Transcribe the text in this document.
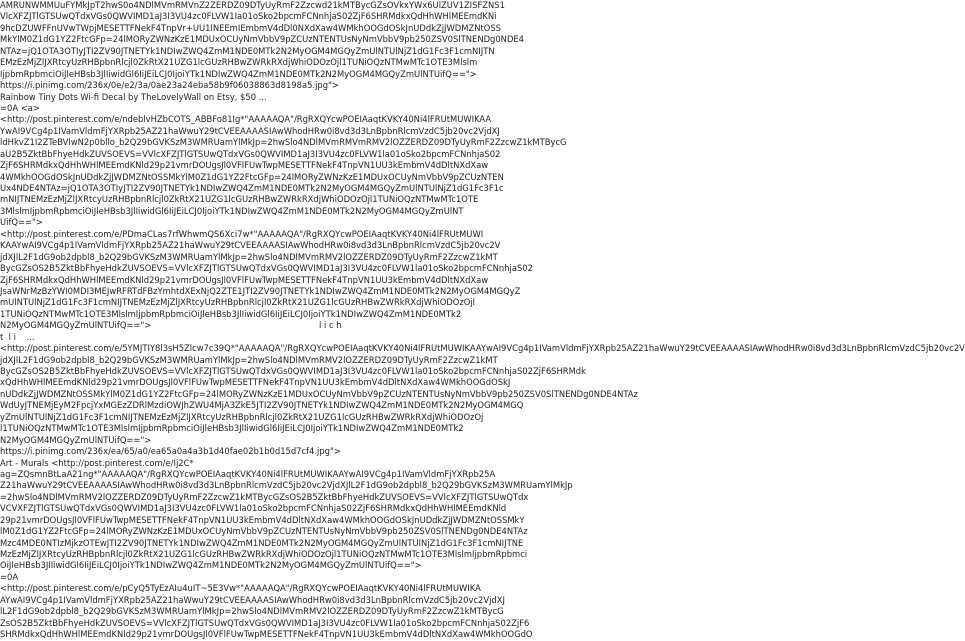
AMRUNWMMUuFYMkJpT2hwS0o4NDlMVmRMVnZ2ZERDZ09DTyUyRmF2Zzcwd21kMTBycGZsOVkxYWx6UlZUV1ZISFZNS1
VlcXFZJTlGTSUwQTdxVGs0QWVIMD1aJ3I3VU4zc0FLVW1Ia01oSko2bpcmFCNnhjaS02ZjF6SHRMdkxQdHhWHlMEEmdKNi
9hcDZUWFFnUVwTWpjMESETTFNekF4TnpVr+UU1lNEEmIEmbmV4dDl0NXdXaw4WMkhOOGdOSkJnUDdkZjJWDMZNtOSS
MkYlM0Z1dG1YZ2FtcGFp=24lMORyZWNzKzE1MDUxOCUyNmVbbV9pZCUzNTENTUsNyNmVbbV9pb250ZSV0SlTNENDg0NDE4
NTAz=jQ1OTA3OTIyJTI2ZV90JTNETYk1NDIwZWQ4ZmM1NDE0MTk2N2MyOGM4MGQyZmUlNTUlNjZ1dG1Fc3F1cmNIJTN
EMzEzMjZlJXRtcyUzRHBpbnRlcjl0ZkRtX21UZG1lcGUzRHBwZWRkRXdjWhiODOzOjl1TUNiOQzNTMwMTc1OTE3Mlslm
IjpbmRpbmciOiJleHBsb3JlIiwidGl6IiJEiLCJ0IjoiYTk1NDIwZWQ4ZmM1NDE0MTk2N2MyOGM4MGQyZmUlNTUifQ==">
https://i.pinimg.com/236x/0e/e2/3a/0ae23a24eba58b9f06038863d8198a5.jpg">
Rainbow Tiny Dots Wi-fi Decal by TheLovelyWall on Etsy, $50 ...
=0A <a>
<http://post.pinterest.com/e/ndeblvHZbCOTS_ABBFo81Ig*"AAAAAQA"/RgRXQYcwPOEIAaqtKVKY40Ni4lFRUtMUWIKAA
YwAI9VCg4p1IVamVldmFjYXRpb25AZ21haWwuY29tCVEEAAAASIAwWhodHRw0i8vd3d3LnBpbnRlcmVzdC5jb20vc2VjdXJ
ldHkvZ1I2ZTeBVlwN2p0bllo_b2Q29bGVKSzM3WMRUamYlMkJp=2hwSlo4NDlMVmRMVmRMV2lOZZERDZ09DTyUyRmF2ZzcwZ1kMTBycG
aU2B5ZktBbFhyeHdkZUVSOEVS=VVlcXFZJTlGTSUwQTdxVGs0QWVIMD1aJ3I3VU4zc0FLVW1la01oSko2bpcmFCNnhjaS02
ZjF6SHRMdkxQdHhWHlMEEmdKNld29p21vmrDOUgsJl0VFlFUwTwpMESETTFNekF4TnpVN1UU3kEmbmV4dDltNXdXaw
4WMkhOOGdOSkJnUDdkZjJWDMZNtOSSMkYlM0Z1dG1YZ2FtcGFp=24lMORyZWNzKzE1MDUxOCUyNmVbbV9pZCUzNTEN
Ux4NDE4NTAz=jQ1OTA3OTIyJTI2ZV90JTNETYk1NDIwZWQ4ZmM1NDE0MTk2N2MyOGM4MGQyZmUlNTUlNjZ1dG1Fc3F1c
mNIJTNEMzEzMjZlJXRtcyUzRHBpbnRlcjl0ZkRtX21UZG1lcGUzRHBwZWRkRXdjWhiODOzOjl1TUNiOQzNTMwMTc1OTE
3MlslmIjpbmRpbmciOiJleHBsb3JlIiwidGl6IiJEiLCJ0IjoiYTk1NDIwZWQ4ZmM1NDE0MTk2N2MyOGM4MGQyZmUlNT
UifQ==">
<http://post.pinterest.com/e/PDmaCLas7rfWhwmQS6Xci7w*"AAAAAQA"/RgRXQYcwPOEIAaqtKVKY40Ni4lFRUtMUWI
KAAYwAI9VCg4p1IVamVldmFjYXRpb25AZ21haWwuY29tCVEEAAAASIAwWhodHRw0i8vd3d3LnBpbnRlcmVzdC5jb20vc2V
jdXJlL2F1dG9ob2dpbl8_b2Q29bGVKSzM3WMRUamYlMkJp=2hwSlo4NDlMVmRMV2lOZZERDZ09DTyUyRmF2ZzcwZ1kMT
BycGZsOS2B5ZktBbFhyeHdkZUVSOEVS=VVlcXFZJTlGTSUwQTdxVGs0QWVIMD1aJ3I3VU4zc0FLVW1la01oSko2bpcmFCNnhjaS02
ZjF6SHRMdkxQdHhWHlMEEmdKNld29p21vmrDOUgsJl0VFlFUwTwpMESETTFNekF4TnpVN1UU3kEmbmV4dDltNXdXaw
JsaWNrMzBzYWI0MDI3MEJwRFRTdFBzYmhtdXExNjQ2ZTE1JTI2ZV90JTNETYk1NDIwZWQ4ZmM1NDE0MTk2N2MyOGM4MGQyZ
mUlNTUlNjZ1dG1Fc3F1cmNIJTNEMzEzMjZlJXRtcyUzRHBpbnRlcjl0ZkRtX21UZG1lcGUzRHBwZWRkRXdjWhiODOzOjl
1TUNiOQzNTMwMTc1OTE3MlslmIjpbmRpbmciOiJleHBsb3JlIiwidGl6IiJEiLCJ0IjoiYTk1NDIwZWQ4ZmM1NDE0MTk2
N2MyOGM4MGQyZmUlNTUifQ==">                                                               l i c h
t  l i    ...
<http://post.pinterest.com/e/5YMJTIY8l3sH5Zlcw7c39Q*"AAAAAQA"/RgRXQYcwPOEIAaqtKVKY40Ni4lFRUtMUWIKAAYwAI9VCg4p1IVamVldmFjYXRpb25AZ21haWwuY29tCVEEAAAASIAwWhodHRw0i8vd3d3LnBpbnRlcmVzdC5jb20vc2V
jdXJlL2F1dG9ob2dpbl8_b2Q29bGVKSzM3WMRUamYlMkJp=2hwSlo4NDlMVmRMV2lOZZERDZ09DTyUyRmF2ZzcwZ1kMT
BycGZsOS2B5ZktBbFhyeHdkZUVSOEVS=VVlcXFZJTlGTSUwQTdxVGs0QWVIMD1aJ3I3VU4zc0FLVW1la01oSko2bpcmFCNnhjaS02ZjF6SHRMdk
xQdHhWHlMEEmdKNld29p21vmrDOUgsJl0VFlFUwTwpMESETTFNekF4TnpVN1UU3kEmbmV4dDltNXdXaw4WMkhOOGdOSkJ
nUDdkZjJWDMZNtOSSMkYlM0Z1dG1YZ2FtcGFp=24lMORyZWNzKzE1MDUxOCUyNmVbbV9pZCUzNTENTUsNyNmVbbV9pb250ZSV0SlTNENDg0NDE4NTAz
WdUyJTNEMjEyM2FpcjYxMGEzZDRlMzdiOWJhZWU4MjA3ZkE5JTI2ZV90JTNETYk1NDIwZWQ4ZmM1NDE0MTk2N2MyOGM4MGQ
yZmUlNTUlNjZ1dG1Fc3F1cmNIJTNEMzEzMjZlJXRtcyUzRHBpbnRlcjl0ZkRtX21UZG1lcGUzRHBwZWRkRXdjWhiODOzOj
l1TUNiOQzNTMwMTc1OTE3MlslmIjpbmRpbmciOiJleHBsb3JlIiwidGl6IiJEiLCJ0IjoiYTk1NDIwZWQ4ZmM1NDE0MTk2
N2MyOGM4MGQyZmUlNTUifQ==">
https://i.pinimg.com/236x/ea/65/a0/ea65a0a4a3b1d40fae02b1b0d15d7cf4.jpg">
Art - Murals <http://post.pinterest.com/e/Ij2C*
ag=ZQsmnBtLaA21ng*"AAAAAQA"/RgRXQYcwPOEIAaqtKVKY40Ni4lFRUtMUWIKAAYwAI9VCg4p1IVamVldmFjYXRpb25A
Z21haWwuY29tCVEEAAAASIAwWhodHRw0i8vd3d3LnBpbnRlcmVzdC5jb20vc2VjdXJlL2F1dG9ob2dpbl8_b2Q29bGVKSzM3WMRUamYlMkJp
=2hwSlo4NDlMVmRMV2lOZZERDZ09DTyUyRmF2ZzcwZ1kMTBycGZsOS2B5ZktBbFhyeHdkZUVSOEVS=VVlcXFZJTlGTSUwQTdx
VCVXFZJTlGTSUwQTdxVGs0QWVIMD1aJ3I3VU4zc0FLVW1la01oSko2bpcmFCNnhjaS02ZjF6SHRMdkxQdHhWHlMEEmdKNld
29p21vmrDOUgsJl0VFlFUwTwpMESETTFNekF4TnpVN1UU3kEmbmV4dDltNXdXaw4WMkhOOGdOSkJnUDdkZjJWDMZNtOSSMkY
lM0Z1dG1YZ2FtcGFp=24lMORyZWNzKzE1MDUxOCUyNmVbbV9pZCUzNTENTUsNyNmVbbV9pb250ZSV0SlTNENDg0NDE4NTAz
Mzc4MDE0NTIzMjkzOTEwJTI2ZV90JTNETYk1NDIwZWQ4ZmM1NDE0MTk2N2MyOGM4MGQyZmUlNTUlNjZ1dG1Fc3F1cmNIJTNE
MzEzMjZlJXRtcyUzRHBpbnRlcjl0ZkRtX21UZG1lcGUzRHBwZWRkRXdjWhiODOzOjl1TUNiOQzNTMwMTc1OTE3MlslmIjpbmRpbmci
OiJleHBsb3JlIiwidGl6IiJEiLCJ0IjoiYTk1NDIwZWQ4ZmM1NDE0MTk2N2MyOGM4MGQyZmUlNTUifQ==">
=0A
<http://post.pinterest.com/e/pCyQ5TyEzAIu4uIT~5E3Vw*"AAAAAQA"/RgRXQYcwPOEIAaqtKVKY40Ni4lFRUtMUWIKA
AYwAI9VCg4p1IVamVldmFjYXRpb25AZ21haWwuY29tCVEEAAAASIAwWhodHRw0i8vd3d3LnBpbnRlcmVzdC5jb20vc2VjdXJ
lL2F1dG9ob2dpbl8_b2Q29bGVKSzM3WMRUamYlMkJp=2hwSlo4NDlMVmRMV2lOZZERDZ09DTyUyRmF2ZzcwZ1kMTBycG
ZsOS2B5ZktBbFhyeHdkZUVSOEVS=VVlcXFZJTlGTSUwQTdxVGs0QWVIMD1aJ3I3VU4zc0FLVW1la01oSko2bpcmFCNnhjaS02ZjF6
SHRMdkxQdHhWHlMEEmdKNld29p21vmrDOUgsJl0VFlFUwTwpMESETTFNekF4TnpVN1UU3kEmbmV4dDltNXdXaw4WMkhOOGdO
